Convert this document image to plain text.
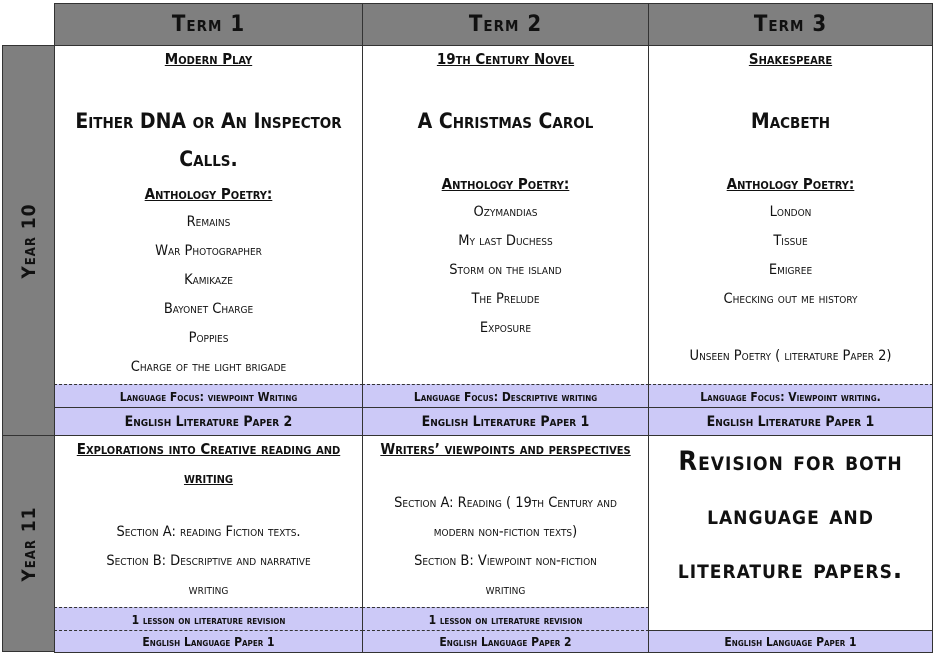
Term 1	Term 2	Term 3
Year 10
Year 11
Modern Play
Either DNA or An Inspector
Calls.
Anthology Poetry:
Remains
War Photographer
Kamikaze
Bayonet Charge
Poppies
Charge of the light brigade
Language Focus: viewpoint Writing
English Literature Paper 2
19th Century Novel
A Christmas Carol
Anthology Poetry:
Ozymandias
My last Duchess
Storm on the island
The Prelude
Exposure
Language Focus: Descriptive writing
English Literature Paper 1
Shakespeare
Macbeth
Anthology Poetry:
London
Tissue
Emigree
Checking out me history
Unseen Poetry ( literature Paper 2)
Language Focus: Viewpoint writing.
English Literature Paper 1
Explorations into Creative reading and
writing
Section A: reading Fiction texts.
Section B: Descriptive and narrative
writing
1 lesson on literature revision
English Language Paper 1
Writers’ viewpoints and perspectives
Section A: Reading ( 19th Century and
modern non-fiction texts)
Section B: Viewpoint non-fiction
writing
1 lesson on literature revision
English Language Paper 2
Revision for both
language and
literature papers.
English Language Paper 1
